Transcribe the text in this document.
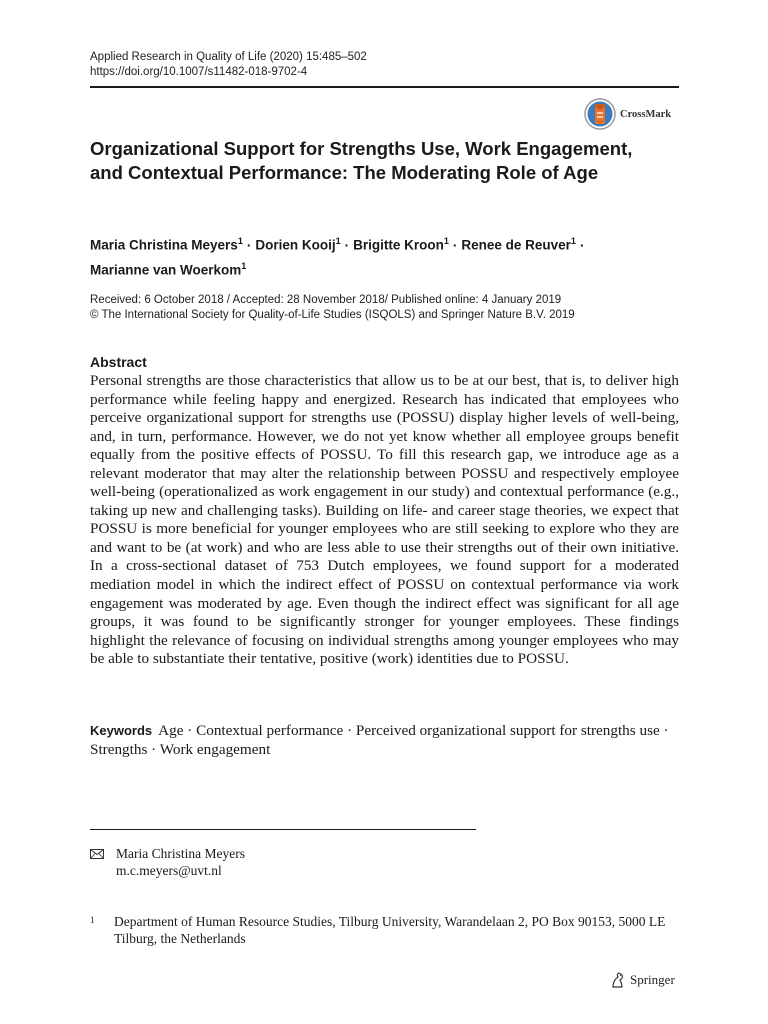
Applied Research in Quality of Life (2020) 15:485–502
https://doi.org/10.1007/s11482-018-9702-4
CrossMark
Organizational Support for Strengths Use, Work Engagement, and Contextual Performance: The Moderating Role of Age
Maria Christina Meyers$^1$ · Dorien Kooij$^1$ · Brigitte Kroon$^1$ · Renee de Reuver$^1$ ·
Marianne van Woerkom$^1$
Received: 6 October 2018 / Accepted: 28 November 2018/ Published online: 4 January 2019
© The International Society for Quality-of-Life Studies (ISQOLS) and Springer Nature B.V. 2019
Abstract
Personal strengths are those characteristics that allow us to be at our best, that is, to deliver high performance while feeling happy and energized. Research has indicated that employees who perceive organizational support for strengths use (POSSU) display higher levels of well-being, and, in turn, performance. However, we do not yet know whether all employee groups benefit equally from the positive effects of POSSU. To fill this research gap, we introduce age as a relevant moderator that may alter the relationship between POSSU and respectively employee well-being (operationalized as work engagement in our study) and contextual performance (e.g., taking up new and challenging tasks). Building on life- and career stage theories, we expect that POSSU is more beneficial for younger employees who are still seeking to explore who they are and want to be (at work) and who are less able to use their strengths out of their own initiative. In a cross-sectional dataset of 753 Dutch employees, we found support for a moderated mediation model in which the indirect effect of POSSU on contextual performance via work engagement was moderated by age. Even though the indirect effect was significant for all age groups, it was found to be significantly stronger for younger employees. These findings highlight the relevance of focusing on individual strengths among younger employees who may be able to substantiate their tentative, positive (work) identities due to POSSU.
Keywords Age · Contextual performance · Perceived organizational support for strengths use · Strengths · Work engagement
Maria Christina Meyers
m.c.meyers@uvt.nl
1 Department of Human Resource Studies, Tilburg University, Warandelaan 2, PO Box 90153, 5000 LE Tilburg, the Netherlands
Springer
